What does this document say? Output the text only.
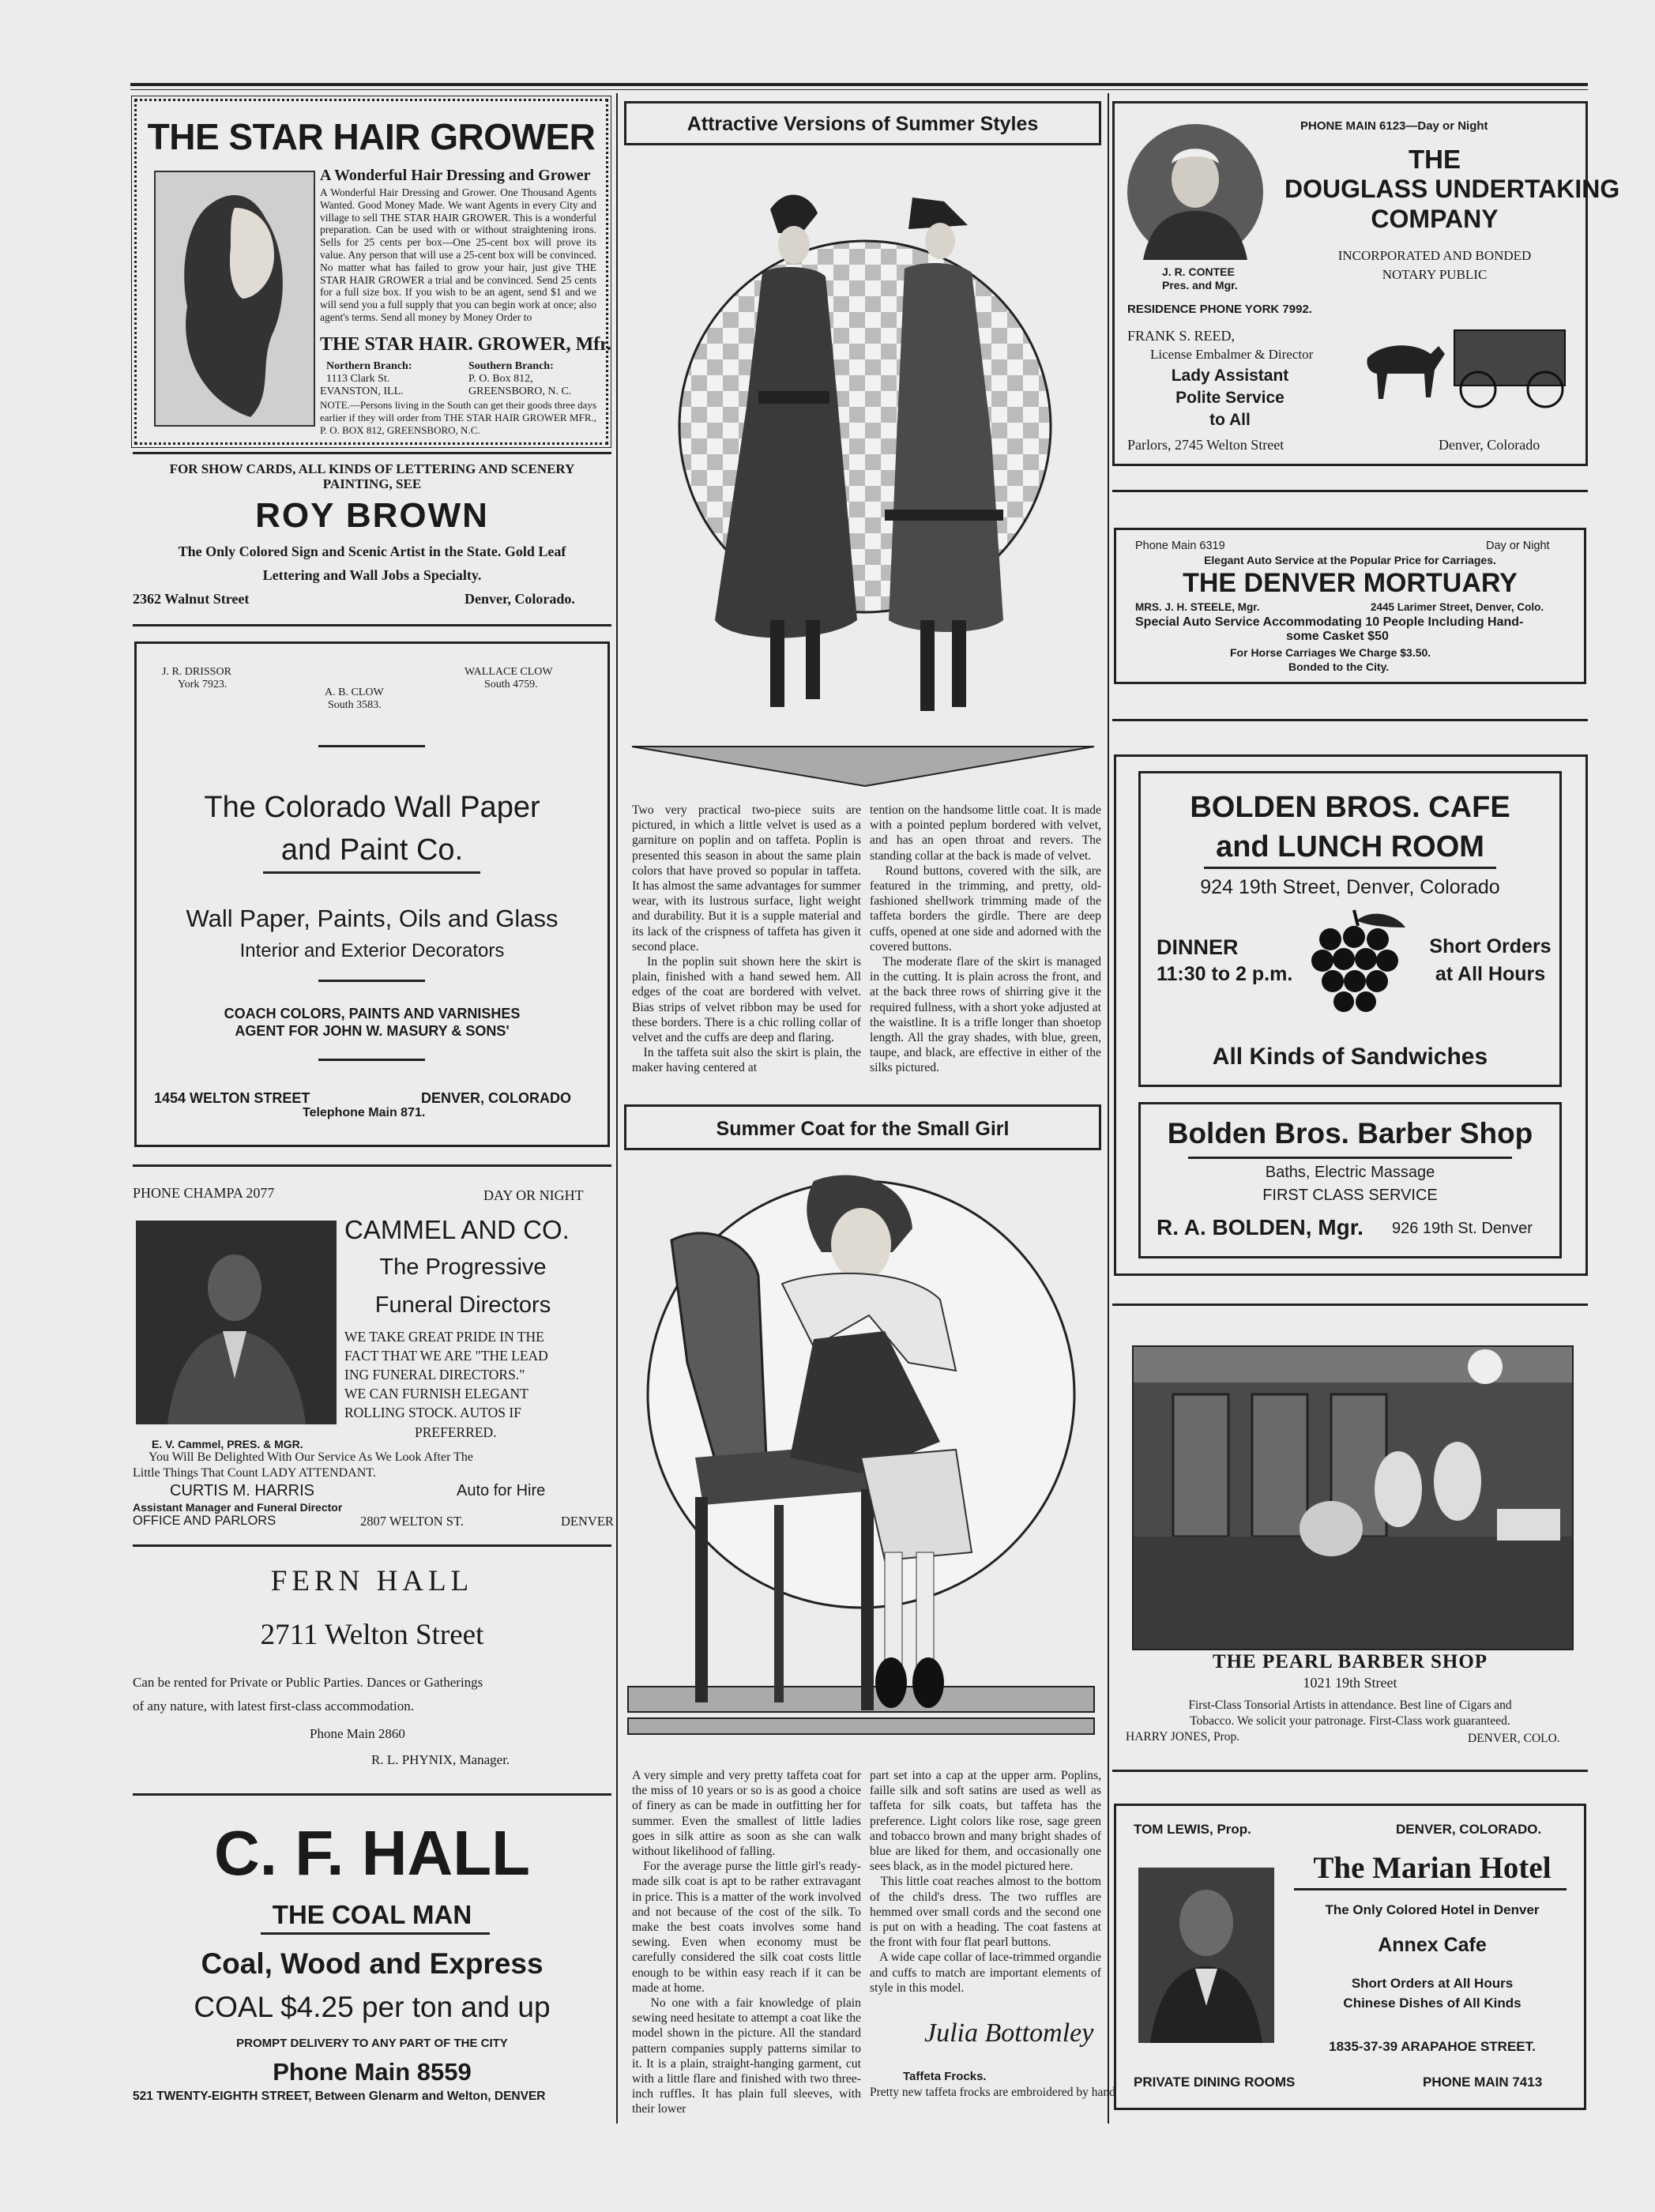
THE STAR HAIR GROWER
A Wonderful Hair Dressing and Grower
A Wonderful Hair Dressing and Grower. One Thousand Agents Wanted. Good Money Made. We want Agents in every City and village to sell THE STAR HAIR GROWER. This is a wonderful preparation. Can be used with or without straightening irons. Sells for 25 cents per box—One 25-cent box will prove its value. Any person that will use a 25-cent box will be convinced. No matter what has failed to grow your hair, just give THE STAR HAIR GROWER a trial and be convinced. Send 25 cents for a full size box. If you wish to be an agent, send $1 and we will send you a full supply that you can begin work at once; also agent's terms. Send all money by Money Order to
THE STAR HAIR. GROWER, Mfr.
Northern Branch:
1113 Clark St.
EVANSTON, ILL.
Southern Branch:
P. O. Box 812,
GREENSBORO, N. C.
NOTE.—Persons living in the South can get their goods three days earlier if they will order from THE STAR HAIR GROWER MFR., P. O. BOX 812, GREENSBORO, N.C.
FOR SHOW CARDS, ALL KINDS OF LETTERING AND SCENERY
PAINTING, SEE
ROY BROWN
The Only Colored Sign and Scenic Artist in the State. Gold Leaf
Lettering and Wall Jobs a Specialty.
2362 Walnut Street	Denver, Colorado.
J. R. DRISSOR
York 7923.
A. B. CLOW
South 3583.
WALLACE CLOW
South 4759.
The Colorado Wall Paper
and Paint Co.
Wall Paper, Paints, Oils and Glass
Interior and Exterior Decorators
COACH COLORS, PAINTS AND VARNISHES
AGENT FOR JOHN W. MASURY & SONS'
1454 WELTON STREET	DENVER, COLORADO
Telephone Main 871.
PHONE CHAMPA 2077	DAY OR NIGHT
CAMMEL AND CO.
The Progressive
Funeral Directors
WE TAKE GREAT PRIDE IN THE
FACT THAT WE ARE "THE LEAD
ING FUNERAL DIRECTORS."
WE CAN FURNISH ELEGANT
ROLLING STOCK. AUTOS IF
PREFERRED.
E. V. Cammel, PRES. & MGR.
You Will Be Delighted With Our Service As We Look After The
Little Things That Count LADY ATTENDANT.
CURTIS M. HARRIS	Auto for Hire
Assistant Manager and Funeral Director
OFFICE AND PARLORS	2807 WELTON ST.	DENVER
FERN HALL
2711 Welton Street
Can be rented for Private or Public Parties. Dances or Gatherings
of any nature, with latest first-class accommodation.
Phone Main 2860
R. L. PHYNIX, Manager.
C. F. HALL
THE COAL MAN
Coal, Wood and Express
COAL $4.25 per ton and up
PROMPT DELIVERY TO ANY PART OF THE CITY
Phone Main 8559
521 TWENTY-EIGHTH STREET, Between Glenarm and Welton, DENVER
Attractive Versions of Summer Styles
Two very practical two-piece suits are pictured, in which a little velvet is used as a garniture on poplin and on taffeta. Poplin is presented this season in about the same plain colors that have proved so popular in taffeta. It has almost the same advantages for summer wear, with its lustrous surface, light weight and durability. But it is a supple material and its lack of the crispness of taffeta has given it second place.
In the poplin suit shown here the skirt is plain, finished with a hand sewed hem. All edges of the coat are bordered with velvet. Bias strips of velvet ribbon may be used for these borders. There is a chic rolling collar of velvet and the cuffs are deep and flaring.
In the taffeta suit also the skirt is plain, the maker having centered at
tention on the handsome little coat. It is made with a pointed peplum bordered with velvet, and has an open throat and revers. The standing collar at the back is made of velvet.
Round buttons, covered with the silk, are featured in the trimming, and pretty, old-fashioned shellwork trimming made of the taffeta borders the girdle. There are deep cuffs, opened at one side and adorned with the covered buttons.
The moderate flare of the skirt is managed in the cutting. It is plain across the front, and at the back three rows of shirring give it the required fullness, with a short yoke adjusted at the waistline. It is a trifle longer than shoetop length. All the gray shades, with blue, green, taupe, and black, are effective in either of the silks pictured.
Summer Coat for the Small Girl
A very simple and very pretty taffeta coat for the miss of 10 years or so is as good a choice of finery as can be made in outfitting her for summer. Even the smallest of little ladies goes in silk attire as soon as she can walk without likelihood of falling.
For the average purse the little girl's ready-made silk coat is apt to be rather extravagant in price. This is a matter of the work involved and not because of the cost of the silk. To make the best coats involves some hand sewing. Even when economy must be carefully considered the silk coat costs little enough to be within easy reach if it can be made at home.
No one with a fair knowledge of plain sewing need hesitate to attempt a coat like the model shown in the picture. All the standard pattern companies supply patterns similar to it. It is a plain, straight-hanging garment, cut with a little flare and finished with two three-inch ruffles. It has plain full sleeves, with their lower
part set into a cap at the upper arm. Poplins, faille silk and soft satins are used as well as taffeta for silk coats, but taffeta has the preference. Light colors like rose, sage green and tobacco brown and many bright shades of blue are liked for them, and occasionally one sees black, as in the model pictured here.
This little coat reaches almost to the bottom of the child's dress. The two ruffles are hemmed over small cords and the second one is put on with a heading. The coat fastens at the front with four flat pearl buttons.
A wide cape collar of lace-trimmed organdie and cuffs to match are important elements of style in this model.
Julia Bottomley
Taffeta Frocks.
Pretty new taffeta frocks are embroidered by hand
PHONE MAIN 6123—Day or Night
THE
DOUGLASS UNDERTAKING
COMPANY
INCORPORATED AND BONDED
NOTARY PUBLIC
J. R. CONTEE
Pres. and Mgr.
RESIDENCE PHONE YORK 7992.
FRANK S. REED,
License Embalmer & Director
Lady Assistant
Polite Service
to All
Parlors, 2745 Welton Street	Denver, Colorado
Phone Main 6319	Day or Night
Elegant Auto Service at the Popular Price for Carriages.
THE DENVER MORTUARY
MRS. J. H. STEELE, Mgr.	2445 Larimer Street, Denver, Colo.
Special Auto Service Accommodating 10 People Including Hand-
some Casket $50
For Horse Carriages We Charge $3.50.
Bonded to the City.
BOLDEN BROS. CAFE
and LUNCH ROOM
924 19th Street, Denver, Colorado
DINNER
11:30 to 2 p.m.
Short Orders
at All Hours
All Kinds of Sandwiches
Bolden Bros. Barber Shop
Baths, Electric Massage
FIRST CLASS SERVICE
R. A. BOLDEN, Mgr. 926 19th St. Denver
THE PEARL BARBER SHOP
1021 19th Street
First-Class Tonsorial Artists in attendance. Best line of Cigars and
Tobacco. We solicit your patronage. First-Class work guaranteed.
HARRY JONES, Prop.	DENVER, COLO.
TOM LEWIS, Prop.	DENVER, COLORADO.
The Marian Hotel
The Only Colored Hotel in Denver
Annex Cafe
Short Orders at All Hours
Chinese Dishes of All Kinds
1835-37-39 ARAPAHOE STREET.
PRIVATE DINING ROOMS	PHONE MAIN 7413
